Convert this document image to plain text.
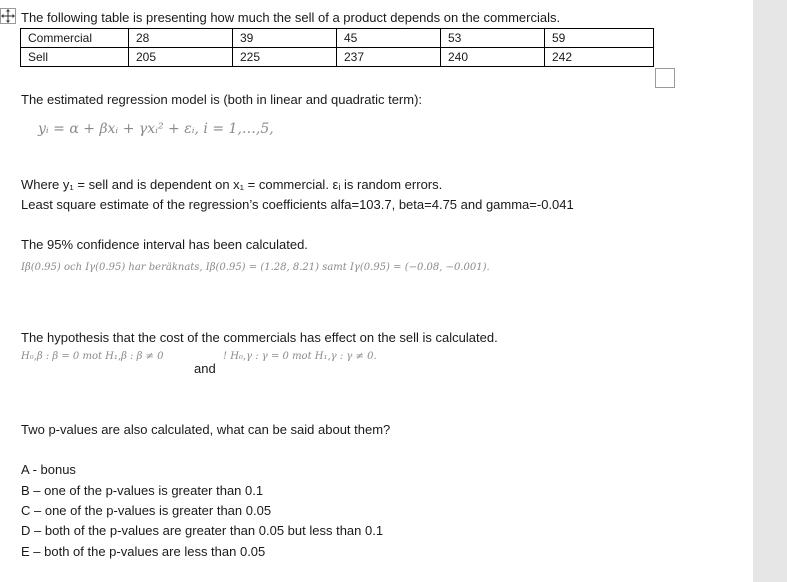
The following table is presenting how much the sell of a product depends on the commercials.
Commercial	28	39	45	53	59
Sell	205	225	237	240	242
The estimated regression model is (both in linear and quadratic term):
yᵢ = α + βxᵢ + γxᵢ² + εᵢ, i = 1,…,5,
Where y₁ = sell and is dependent on x₁ = commercial. εᵢ is random errors.
Least square estimate of the regression’s coefficients alfa=103.7, beta=4.75 and gamma=-0.041
The 95% confidence interval has been calculated.
Iβ(0.95) och Iγ(0.95) har beräknats, Iβ(0.95) = (1.28, 8.21) samt Iγ(0.95) = (−0.08, −0.001).
The hypothesis that the cost of the commercials has effect on the sell is calculated.
H₀,β : β = 0 mot H₁,β : β ≠ 0
and
! H₀,γ : γ = 0 mot H₁,γ : γ ≠ 0.
Two p-values are also calculated, what can be said about them?
A - bonus
B – one of the p-values is greater than 0.1
C – one of the p-values is greater than 0.05
D – both of the p-values are greater than 0.05 but less than 0.1
E – both of the p-values are less than 0.05
